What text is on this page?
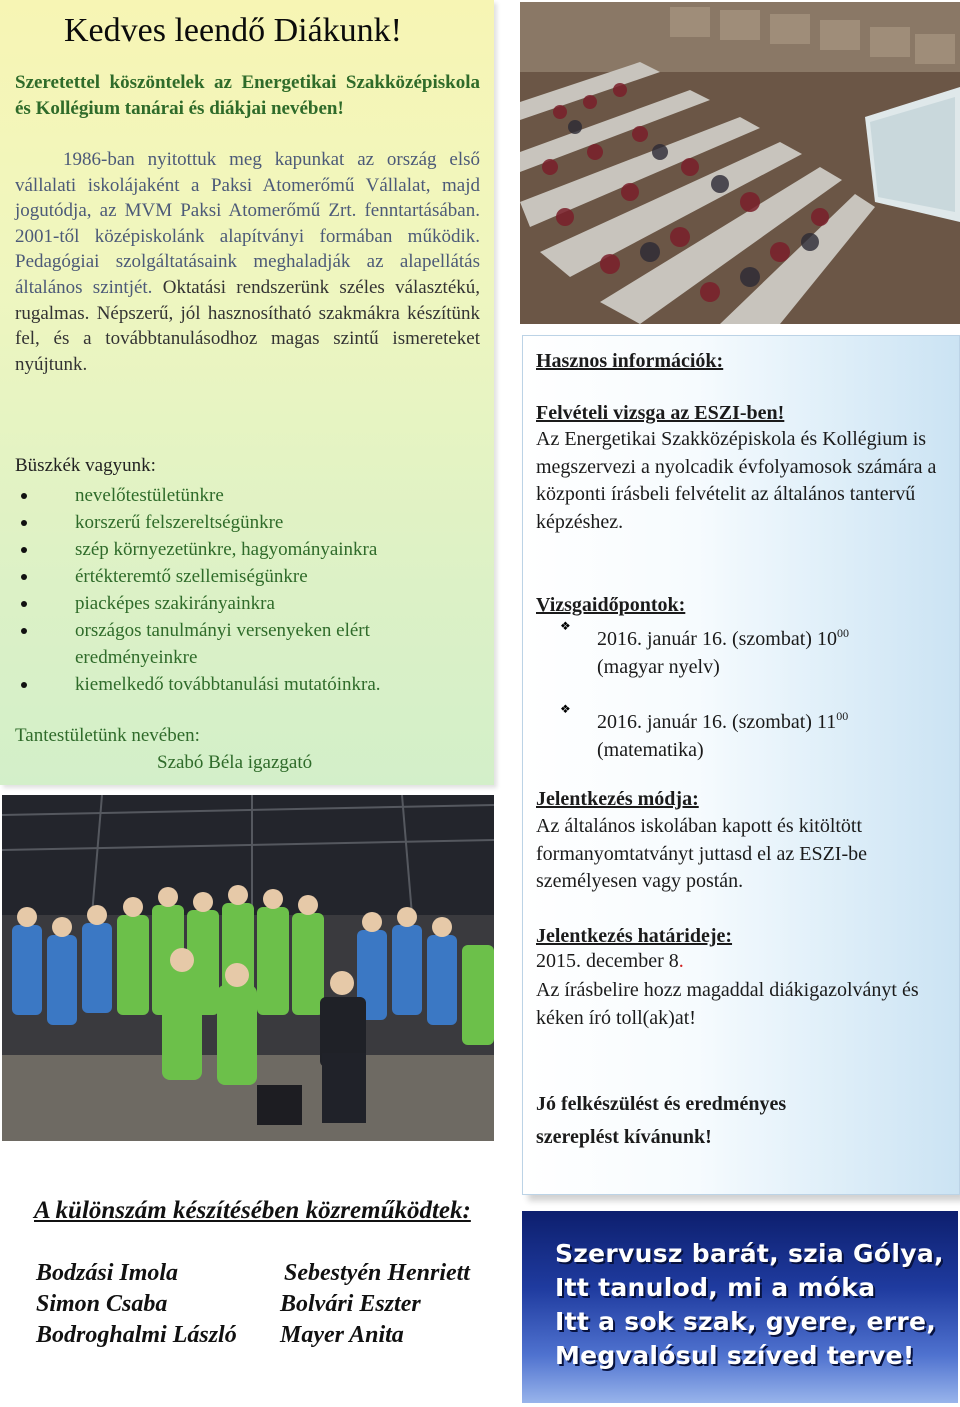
Kedves leendő Diákunk!
Szeretettel köszöntelek az Energetikai Szakközépiskola és Kollégium tanárai és diákjai nevében!
1986-ban nyitottuk meg kapunkat az ország első vállalati iskolájaként a Paksi Atomerőmű Vállalat, majd jogutódja, az MVM Paksi Atomerőmű Zrt. fenntartásában. 2001-től középiskolánk alapítványi formában működik. Pedagógiai szolgáltatásaink meghaladják az alapellátás általános szintjét. Oktatási rendszerünk széles választékú, rugalmas. Népszerű, jól hasznosítható szakmákra készítünk fel, és a továbbtanulásodhoz magas szintű ismereteket nyújtunk.
Büszkék vagyunk:
nevelőtestületünkre
korszerű felszereltségünkre
szép környezetünkre, hagyományainkra
értékteremtő szellemiségünkre
piacképes szakirányainkra
országos tanulmányi versenyeken elért eredményeinkre
kiemelkedő továbbtanulási mutatóinkra.
Tantestületünk nevében:
Szabó Béla igazgató
Hasznos információk:
Felvételi vizsga az ESZI-ben!
Az Energetikai Szakközépiskola és Kollégium is megszervezi a nyolcadik évfolyamosok számára a központi írásbeli felvételit az általános tantervű képzéshez.
Vizsgaidőpontok:
❖
2016. január 16. (szombat) $10^{00}$
(magyar nyelv)
❖
2016. január 16. (szombat) $11^{00}$
(matematika)
Jelentkezés módja:
Az általános iskolában kapott és kitöltött formanyomtatványt juttasd el az ESZI-be személyesen vagy postán.
Jelentkezés határideje:
2015. december 8.
Az írásbelire hozz magaddal diákigazolványt és kéken író toll(ak)at!
Jó felkészülést és eredményes szereplést kívánunk!
A különszám készítésében közreműködtek:
Bodzási Imola	Sebestyén Henriett
Simon Csaba	Bolvári Eszter
Bodroghalmi László Mayer Anita
Szervusz barát, szia Gólya,
Itt tanulod, mi a móka
Itt a sok szak, gyere, erre,
Megvalósul szíved terve!
